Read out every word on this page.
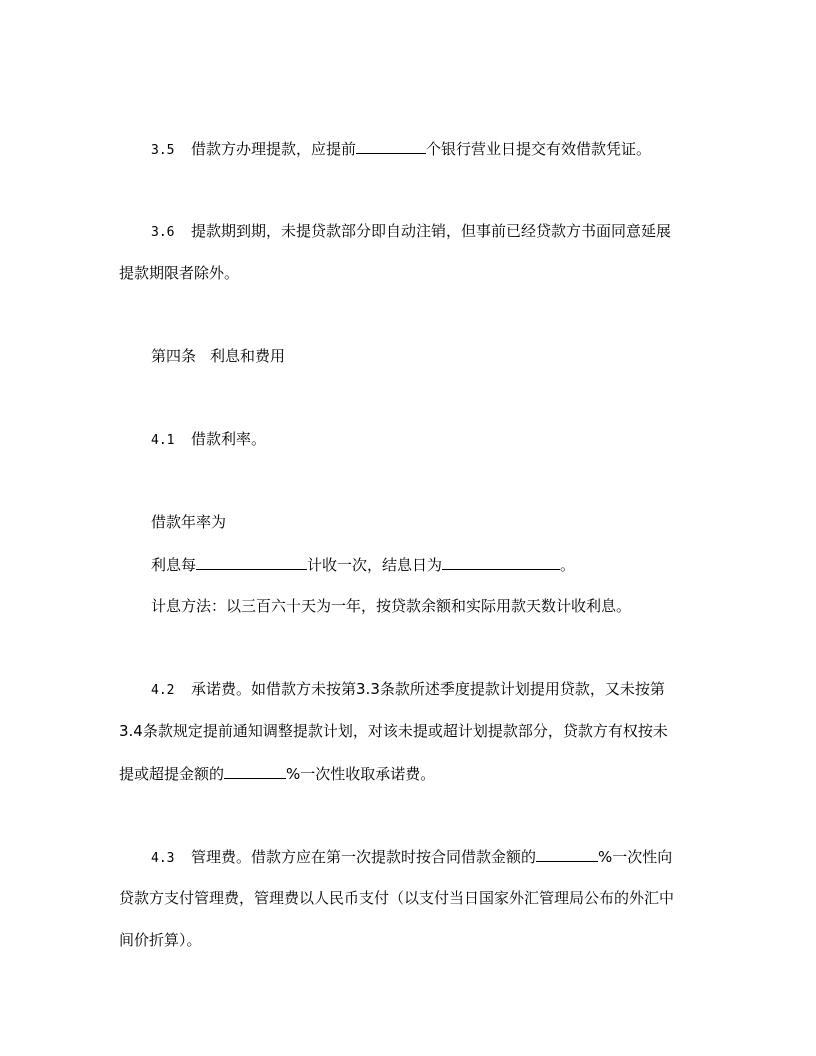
3.5 借款方办理提款，应提前	个银行营业日提交有效借款凭证。
3.6 提款期到期，未提贷款部分即自动注销，但事前已经贷款方书面同意延展
提款期限者除外。
第四条 利息和费用
4.1 借款利率。
借款年率为
利息每	计收一次，结息日为	。
计息方法：以三百六十天为一年，按贷款余额和实际用款天数计收利息。
4.2 承诺费。如借款方未按第3.3条款所述季度提款计划提用贷款，又未按第
3.4条款规定提前通知调整提款计划，对该未提或超计划提款部分，贷款方有权按未
提或超提金额的	%一次性收取承诺费。
4.3 管理费。借款方应在第一次提款时按合同借款金额的	%一次性向
贷款方支付管理费，管理费以人民币支付（以支付当日国家外汇管理局公布的外汇中
间价折算）。
